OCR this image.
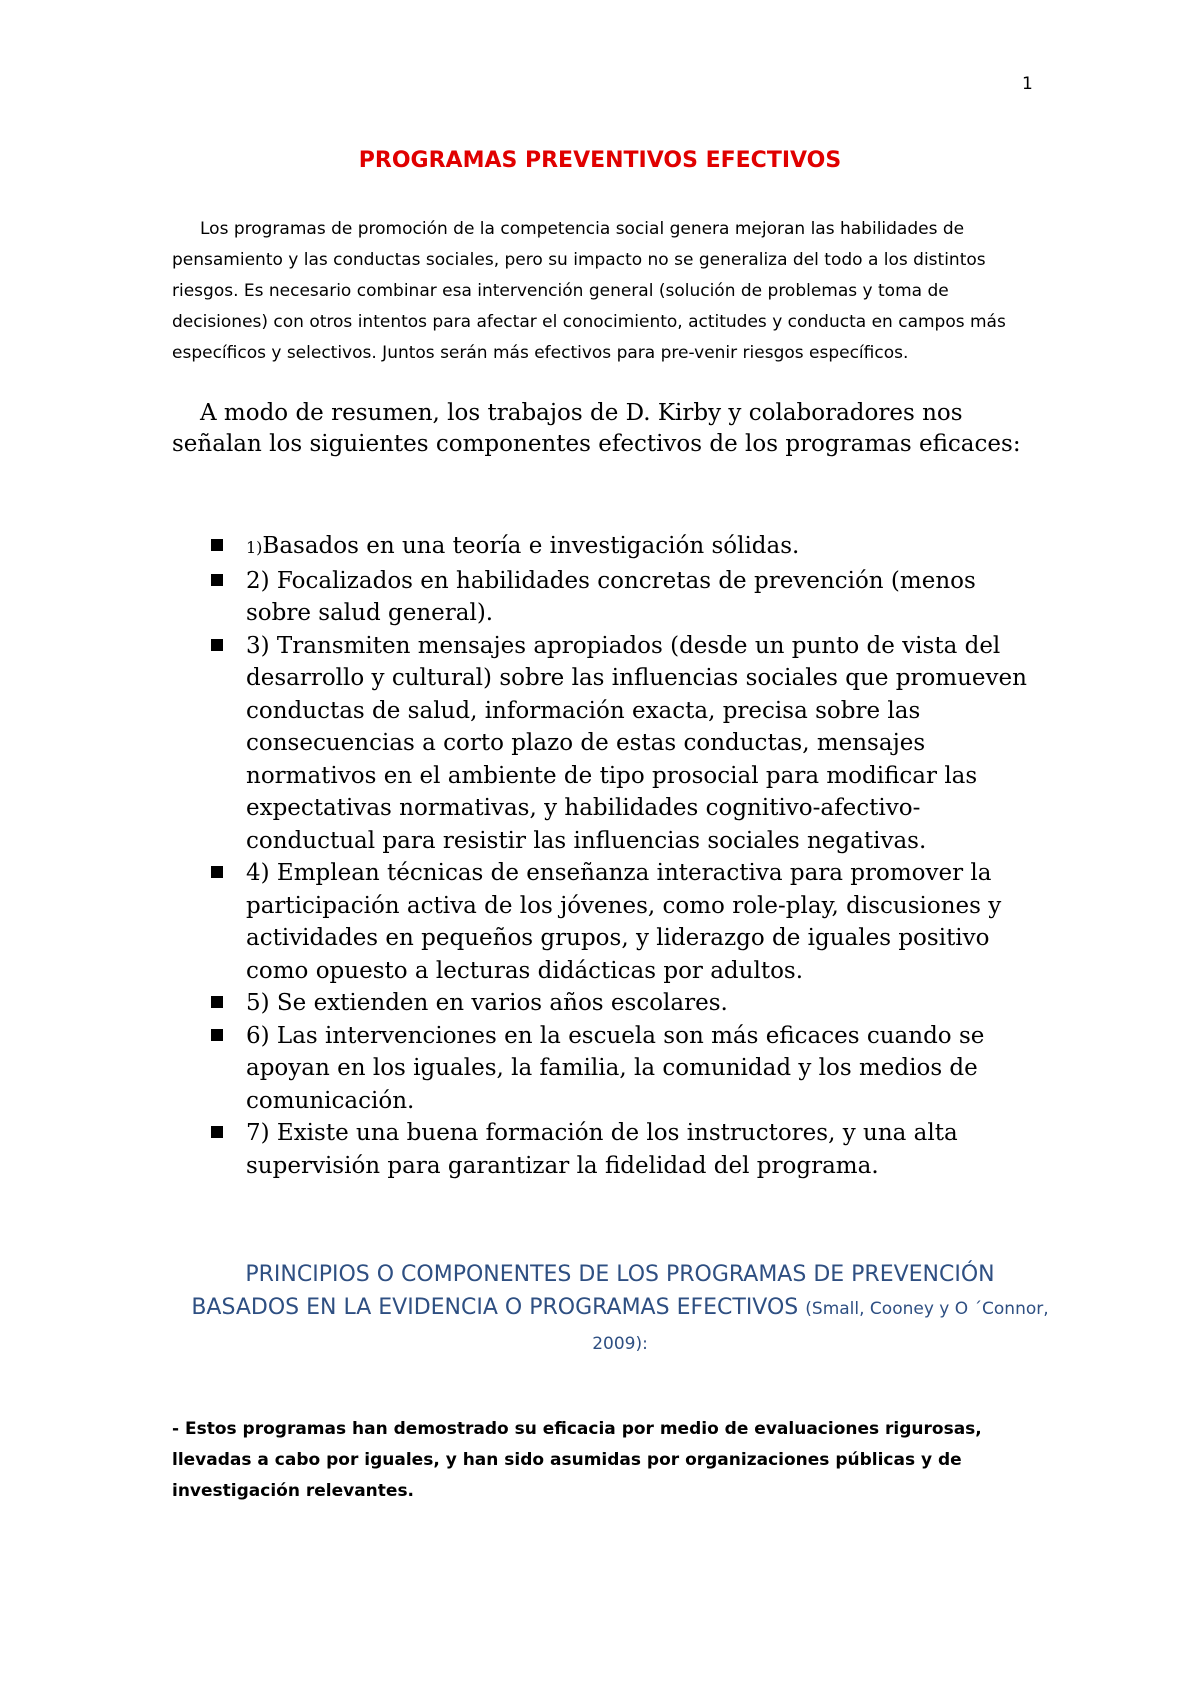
1
PROGRAMAS PREVENTIVOS EFECTIVOS

Los programas de promoción de la competencia social genera mejoran las habilidades de pensamiento y las conductas sociales, pero su impacto no se generaliza del todo a los distintos riesgos. Es necesario combinar esa intervención general (solución de problemas y toma de decisiones) con otros intentos para afectar el conocimiento, actitudes y conducta en campos más específicos y selectivos. Juntos serán más efectivos para pre-venir riesgos específicos.

A modo de resumen, los trabajos de D. Kirby y colaboradores nos señalan los siguientes componentes efectivos de los programas eficaces:

1)Basados en una teoría e investigación sólidas.
2) Focalizados en habilidades concretas de prevención (menos sobre salud general).
3) Transmiten mensajes apropiados (desde un punto de vista del desarrollo y cultural) sobre las influencias sociales que promueven conductas de salud, información exacta, precisa sobre las consecuencias a corto plazo de estas conductas, mensajes normativos en el ambiente de tipo prosocial para modificar las expectativas normativas, y habilidades cognitivo-afectivo-conductual para resistir las influencias sociales negativas.
4) Emplean técnicas de enseñanza interactiva para promover la participación activa de los jóvenes, como role-play, discusiones y actividades en pequeños grupos, y liderazgo de iguales positivo como opuesto a lecturas didácticas por adultos.
5) Se extienden en varios años escolares.
6) Las intervenciones en la escuela son más eficaces cuando se apoyan en los iguales, la familia, la comunidad y los medios de comunicación.
7) Existe una buena formación de los instructores, y una alta supervisión para garantizar la fidelidad del programa.

PRINCIPIOS O COMPONENTES DE LOS PROGRAMAS DE PREVENCIÓN BASADOS EN LA EVIDENCIA O PROGRAMAS EFECTIVOS (Small, Cooney y O ´Connor, 2009):

- Estos programas han demostrado su eficacia por medio de evaluaciones rigurosas, llevadas a cabo por iguales, y han sido asumidas por organizaciones públicas y de investigación relevantes.
